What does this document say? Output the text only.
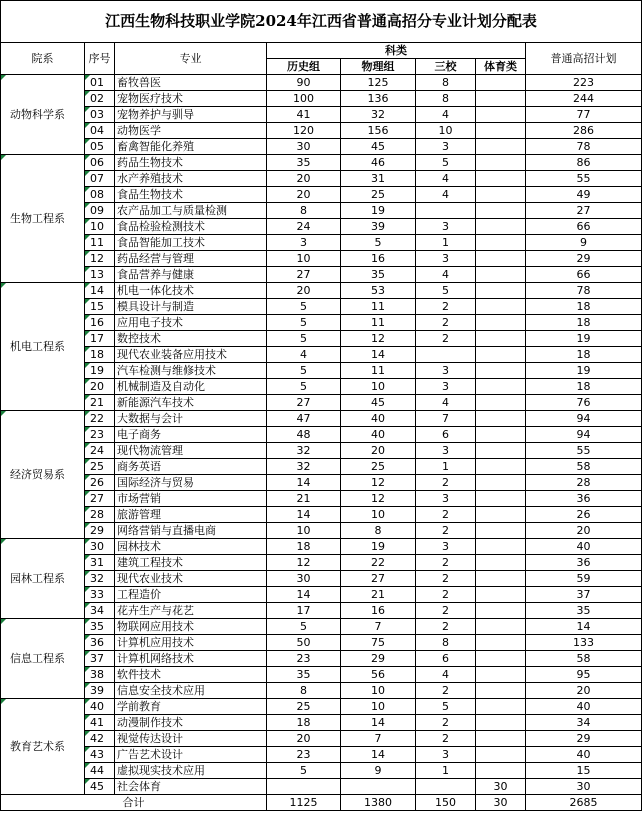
江西生物科技职业学院2024年江西省普通高招分专业计划分配表							
院系	序号	专业	科类				普通高招计划
			历史组	物理组	三校	体育类	
动物科学系	01	畜牧兽医	90	125	8		223
	02	宠物医疗技术	100	136	8		244
	03	宠物养护与驯导	41	32	4		77
	04	动物医学	120	156	10		286
	05	畜禽智能化养殖	30	45	3		78
生物工程系	06	药品生物技术	35	46	5		86
	07	水产养殖技术	20	31	4		55
	08	食品生物技术	20	25	4		49
	09	农产品加工与质量检测	8	19			27
	10	食品检验检测技术	24	39	3		66
	11	食品智能加工技术	3	5	1		9
	12	药品经营与管理	10	16	3		29
	13	食品营养与健康	27	35	4		66
机电工程系	14	机电一体化技术	20	53	5		78
	15	模具设计与制造	5	11	2		18
	16	应用电子技术	5	11	2		18
	17	数控技术	5	12	2		19
	18	现代农业装备应用技术	4	14			18
	19	汽车检测与维修技术	5	11	3		19
	20	机械制造及自动化	5	10	3		18
	21	新能源汽车技术	27	45	4		76
经济贸易系	22	大数据与会计	47	40	7		94
	23	电子商务	48	40	6		94
	24	现代物流管理	32	20	3		55
	25	商务英语	32	25	1		58
	26	国际经济与贸易	14	12	2		28
	27	市场营销	21	12	3		36
	28	旅游管理	14	10	2		26
	29	网络营销与直播电商	10	8	2		20
园林工程系	30	园林技术	18	19	3		40
	31	建筑工程技术	12	22	2		36
	32	现代农业技术	30	27	2		59
	33	工程造价	14	21	2		37
	34	花卉生产与花艺	17	16	2		35
信息工程系	35	物联网应用技术	5	7	2		14
	36	计算机应用技术	50	75	8		133
	37	计算机网络技术	23	29	6		58
	38	软件技术	35	56	4		95
	39	信息安全技术应用	8	10	2		20
教育艺术系	40	学前教育	25	10	5		40
	41	动漫制作技术	18	14	2		34
	42	视觉传达设计	20	7	2		29
	43	广告艺术设计	23	14	3		40
	44	虚拟现实技术应用	5	9	1		15
	45	社会体育				30	30
合计			1125	1380	150	30	2685
